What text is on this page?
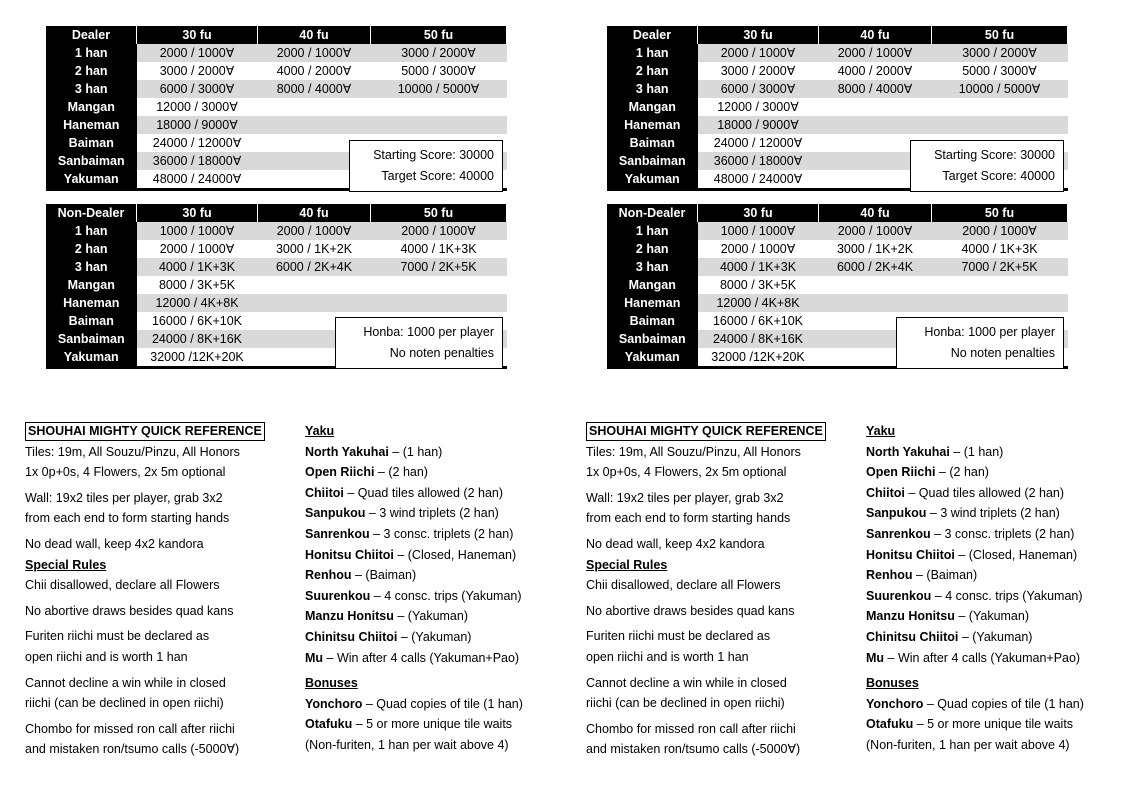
Dealer	30 fu	40 fu	50 fu
1 han	2000 / 1000∀	2000 / 1000∀	3000 / 2000∀
2 han	3000 / 2000∀	4000 / 2000∀	5000 / 3000∀
3 han	6000 / 3000∀	8000 / 4000∀	10000 / 5000∀
Mangan	12000 / 3000∀		
Haneman	18000 / 9000∀		
Baiman	24000 / 12000∀		
Sanbaiman	36000 / 18000∀		
Yakuman	48000 / 24000∀		
Starting Score: 30000
Target Score: 40000
Non-Dealer	30 fu	40 fu	50 fu
1 han	1000 / 1000∀	2000 / 1000∀	2000 / 1000∀
2 han	2000 / 1000∀	3000 / 1K+2K	4000 / 1K+3K
3 han	4000 / 1K+3K	6000 / 2K+4K	7000 / 2K+5K
Mangan	8000 / 3K+5K		
Haneman	12000 / 4K+8K		
Baiman	16000 / 6K+10K		
Sanbaiman	24000 / 8K+16K		
Yakuman	32000 /12K+20K		
Honba: 1000 per player
No noten penalties

SHOUHAI MIGHTY QUICK REFERENCE

Tiles: 19m, All Souzu/Pinzu, All Honors

1x 0p+0s, 4 Flowers, 2x 5m optional

Wall: 19x2 tiles per player, grab 3x2

from each end to form starting hands

No dead wall, keep 4x2 kandora

Special Rules

Chii disallowed, declare all Flowers

No abortive draws besides quad kans

Furiten riichi must be declared as

open riichi and is worth 1 han

Cannot decline a win while in closed

riichi (can be declined in open riichi)

Chombo for missed ron call after riichi

and mistaken ron/tsumo calls (-5000∀)

Yaku

North Yakuhai – (1 han)

Open Riichi – (2 han)

Chiitoi – Quad tiles allowed (2 han)

Sanpukou – 3 wind triplets (2 han)

Sanrenkou – 3 consc. triplets (2 han)

Honitsu Chiitoi – (Closed, Haneman)

Renhou – (Baiman)

Suurenkou – 4 consc. trips (Yakuman)

Manzu Honitsu – (Yakuman)

Chinitsu Chiitoi – (Yakuman)

Mu – Win after 4 calls (Yakuman+Pao)

Bonuses

Yonchoro – Quad copies of tile (1 han)

Otafuku – 5 or more unique tile waits

(Non-furiten, 1 han per wait above 4)

Dealer	30 fu	40 fu	50 fu
1 han	2000 / 1000∀	2000 / 1000∀	3000 / 2000∀
2 han	3000 / 2000∀	4000 / 2000∀	5000 / 3000∀
3 han	6000 / 3000∀	8000 / 4000∀	10000 / 5000∀
Mangan	12000 / 3000∀		
Haneman	18000 / 9000∀		
Baiman	24000 / 12000∀		
Sanbaiman	36000 / 18000∀		
Yakuman	48000 / 24000∀		
Starting Score: 30000
Target Score: 40000
Non-Dealer	30 fu	40 fu	50 fu
1 han	1000 / 1000∀	2000 / 1000∀	2000 / 1000∀
2 han	2000 / 1000∀	3000 / 1K+2K	4000 / 1K+3K
3 han	4000 / 1K+3K	6000 / 2K+4K	7000 / 2K+5K
Mangan	8000 / 3K+5K		
Haneman	12000 / 4K+8K		
Baiman	16000 / 6K+10K		
Sanbaiman	24000 / 8K+16K		
Yakuman	32000 /12K+20K		
Honba: 1000 per player
No noten penalties

SHOUHAI MIGHTY QUICK REFERENCE

Tiles: 19m, All Souzu/Pinzu, All Honors

1x 0p+0s, 4 Flowers, 2x 5m optional

Wall: 19x2 tiles per player, grab 3x2

from each end to form starting hands

No dead wall, keep 4x2 kandora

Special Rules

Chii disallowed, declare all Flowers

No abortive draws besides quad kans

Furiten riichi must be declared as

open riichi and is worth 1 han

Cannot decline a win while in closed

riichi (can be declined in open riichi)

Chombo for missed ron call after riichi

and mistaken ron/tsumo calls (-5000∀)

Yaku

North Yakuhai – (1 han)

Open Riichi – (2 han)

Chiitoi – Quad tiles allowed (2 han)

Sanpukou – 3 wind triplets (2 han)

Sanrenkou – 3 consc. triplets (2 han)

Honitsu Chiitoi – (Closed, Haneman)

Renhou – (Baiman)

Suurenkou – 4 consc. trips (Yakuman)

Manzu Honitsu – (Yakuman)

Chinitsu Chiitoi – (Yakuman)

Mu – Win after 4 calls (Yakuman+Pao)

Bonuses

Yonchoro – Quad copies of tile (1 han)

Otafuku – 5 or more unique tile waits

(Non-furiten, 1 han per wait above 4)
